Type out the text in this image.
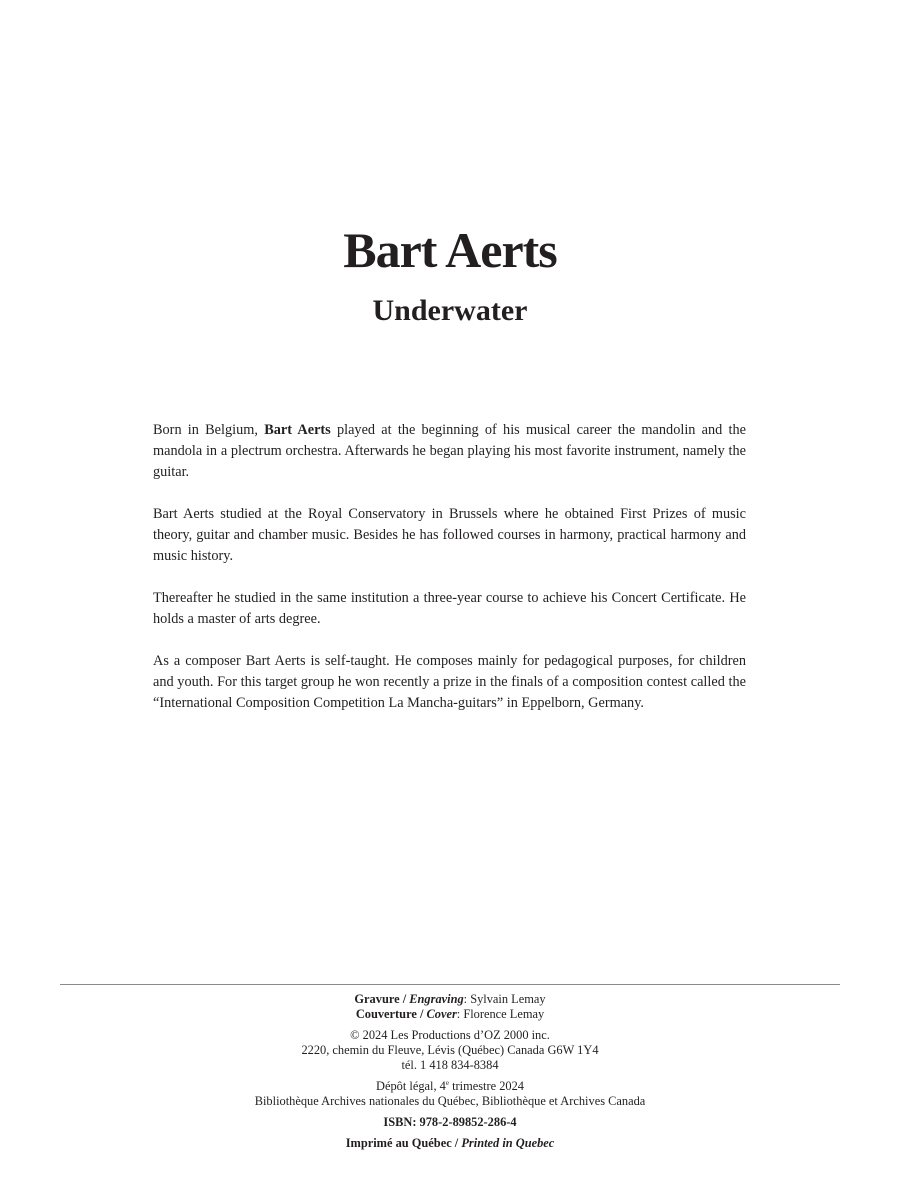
Bart Aerts
Underwater

Born in Belgium, Bart Aerts played at the beginning of his musical career the mandolin and the mandola in a plectrum orchestra. Afterwards he began playing his most favorite instrument, namely the guitar.

Bart Aerts studied at the Royal Conservatory in Brussels where he obtained First Prizes of music theory, guitar and chamber music. Besides he has followed courses in harmony, practical harmony and music history.

Thereafter he studied in the same institution a three-year course to achieve his Concert Certificate. He holds a master of arts degree.

As a composer Bart Aerts is self-taught. He composes mainly for pedagogical purposes, for children and youth. For this target group he won recently a prize in the finals of a composition contest called the “International Composition Competition La Mancha-guitars” in Eppelborn, Germany.

Gravure / Engraving: Sylvain Lemay
Couverture / Cover: Florence Lemay
© 2024 Les Productions d’OZ 2000 inc.
2220, chemin du Fleuve, Lévis (Québec) Canada G6W 1Y4
tél. 1 418 834-8384
Dépôt légal, 4e trimestre 2024
Bibliothèque Archives nationales du Québec, Bibliothèque et Archives Canada
ISBN: 978-2-89852-286-4
Imprimé au Québec / Printed in Quebec
